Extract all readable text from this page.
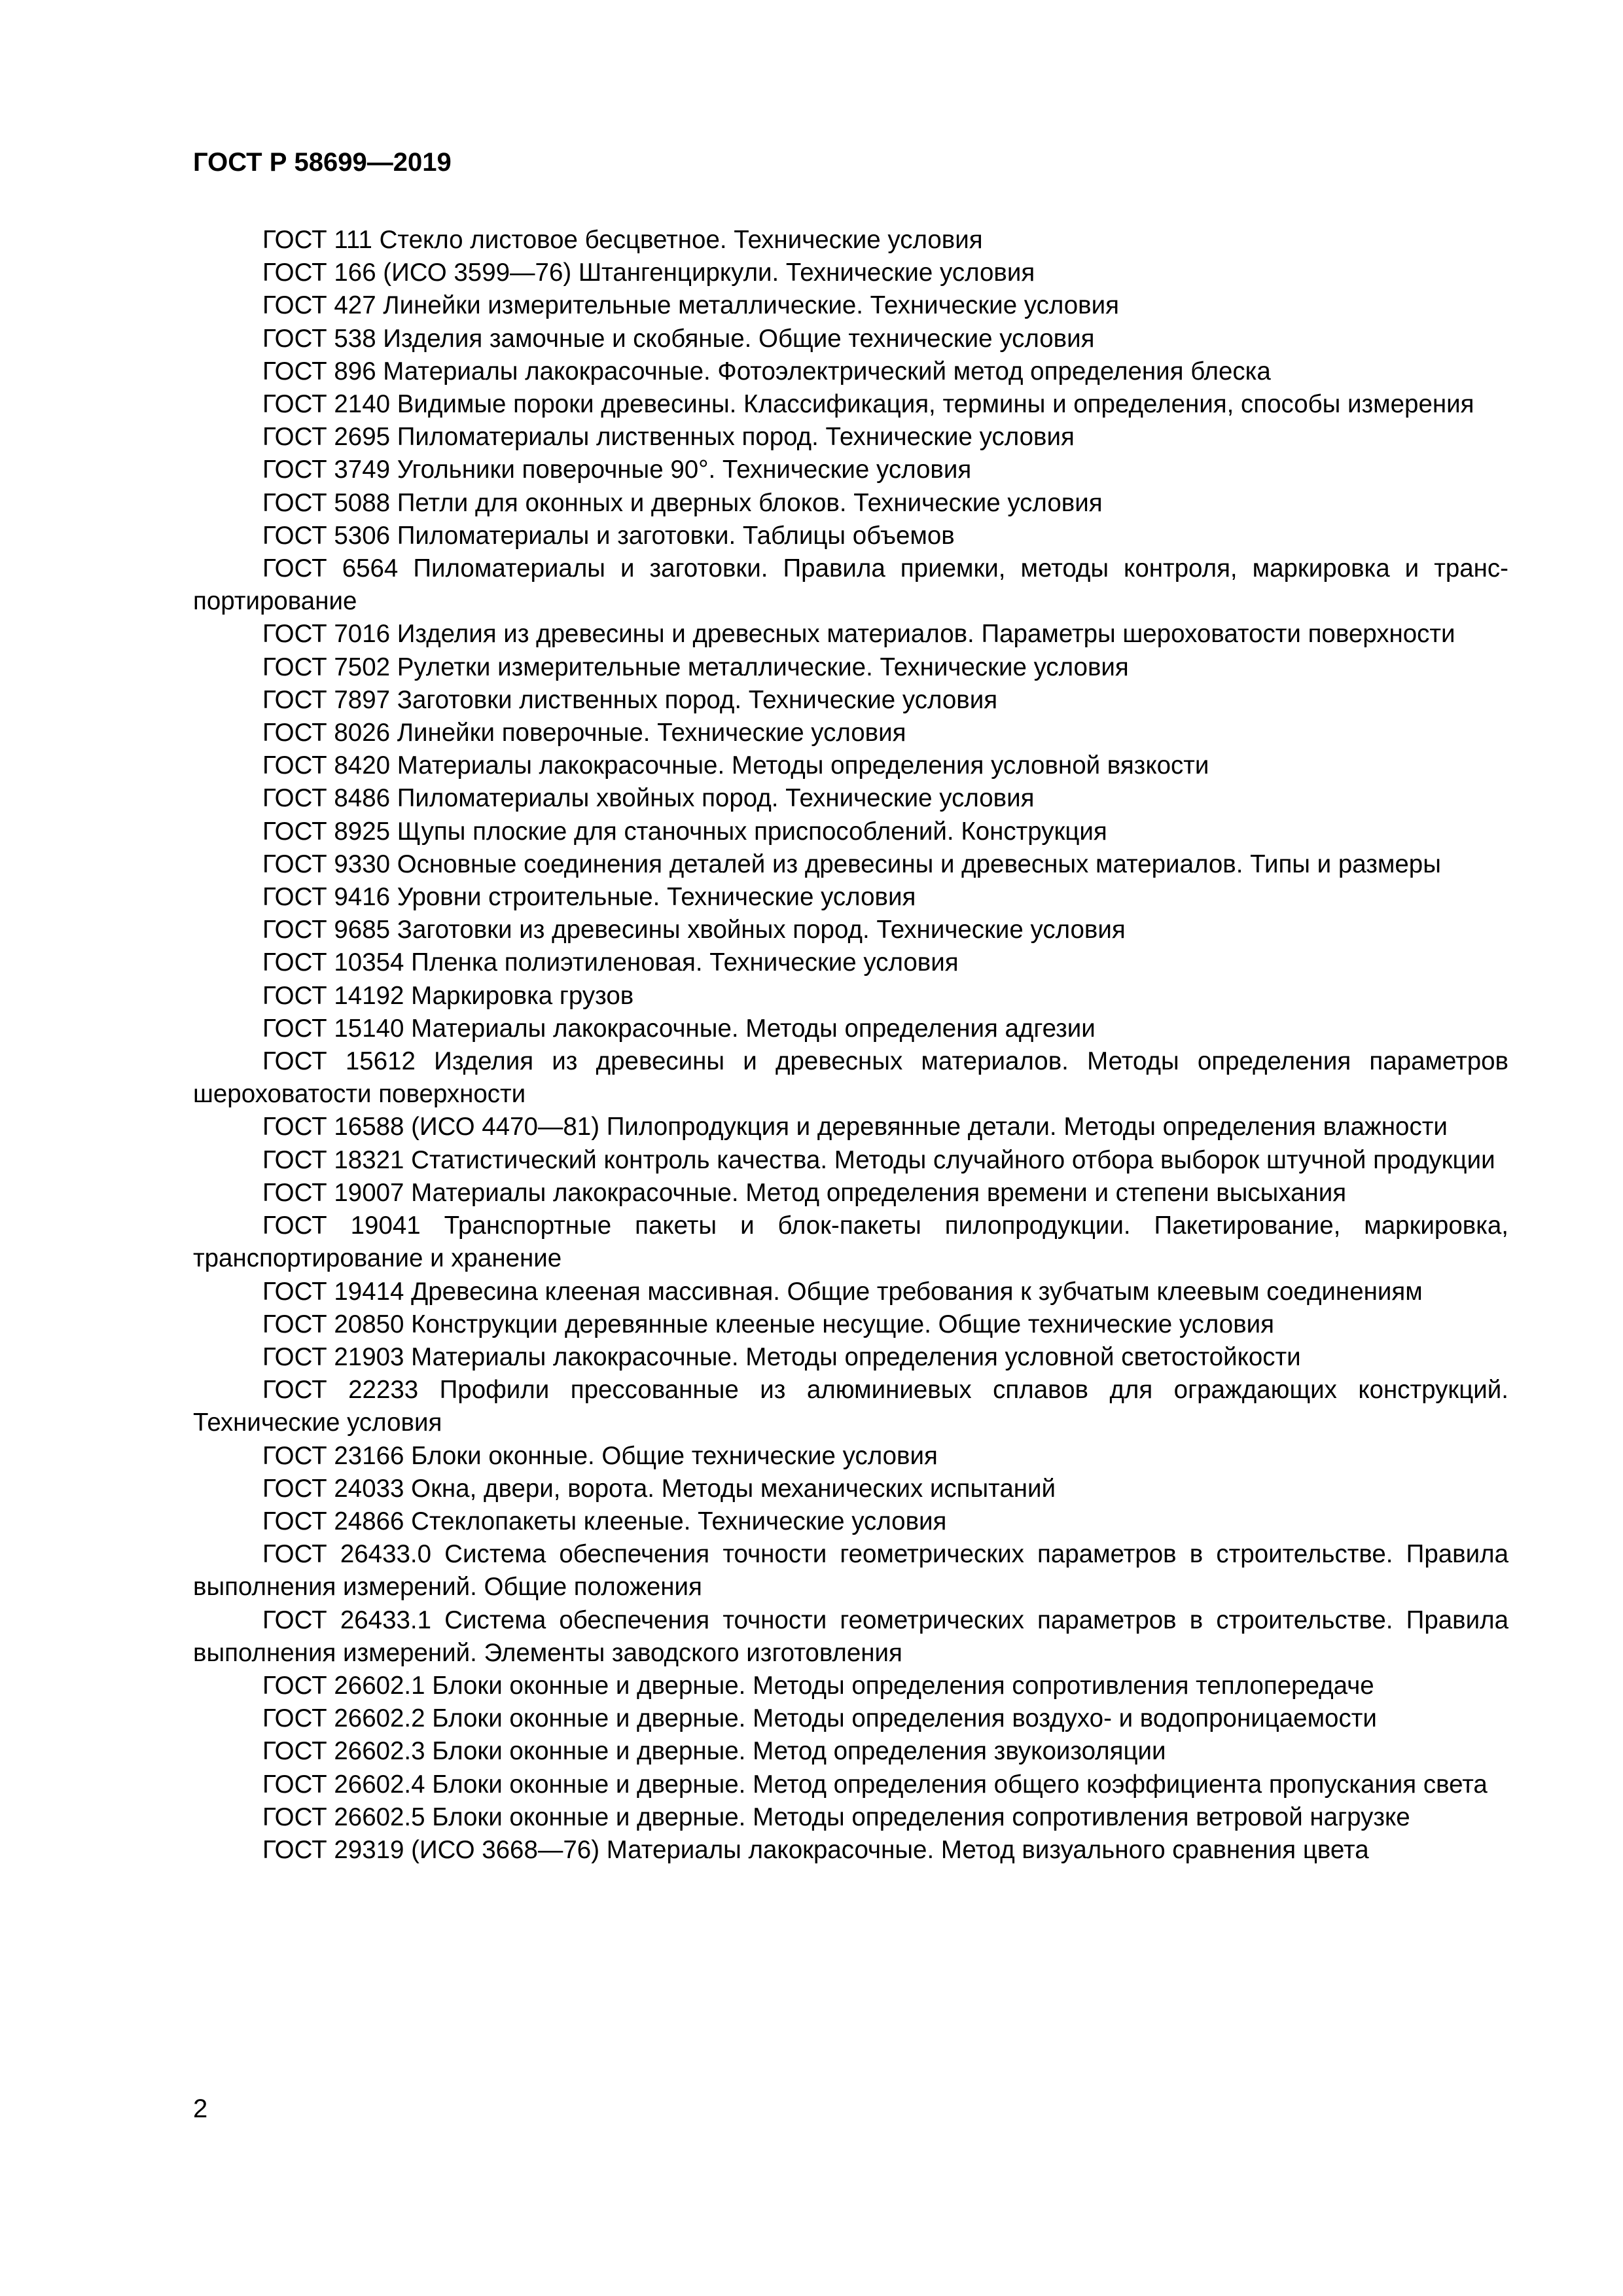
ГОСТ Р 58699—2019
ГОСТ 111 Стекло листовое бесцветное. Технические условия
ГОСТ 166 (ИСО 3599—76) Штангенциркули. Технические условия
ГОСТ 427 Линейки измерительные металлические. Технические условия
ГОСТ 538 Изделия замочные и скобяные. Общие технические условия
ГОСТ 896 Материалы лакокрасочные. Фотоэлектрический метод определения блеска
ГОСТ 2140 Видимые пороки древесины. Классификация, термины и определения, способы измерения
ГОСТ 2695 Пиломатериалы лиственных пород. Технические условия
ГОСТ 3749 Угольники поверочные 90°. Технические условия
ГОСТ 5088 Петли для оконных и дверных блоков. Технические условия
ГОСТ 5306 Пиломатериалы и заготовки. Таблицы объемов
ГОСТ 6564 Пиломатериалы и заготовки. Правила приемки, методы контроля, маркировка и транспортирование
ГОСТ 7016 Изделия из древесины и древесных материалов. Параметры шероховатости поверхности
ГОСТ 7502 Рулетки измерительные металлические. Технические условия
ГОСТ 7897 Заготовки лиственных пород. Технические условия
ГОСТ 8026 Линейки поверочные. Технические условия
ГОСТ 8420 Материалы лакокрасочные. Методы определения условной вязкости
ГОСТ 8486 Пиломатериалы хвойных пород. Технические условия
ГОСТ 8925 Щупы плоские для станочных приспособлений. Конструкция
ГОСТ 9330 Основные соединения деталей из древесины и древесных материалов. Типы и размеры
ГОСТ 9416 Уровни строительные. Технические условия
ГОСТ 9685 Заготовки из древесины хвойных пород. Технические условия
ГОСТ 10354 Пленка полиэтиленовая. Технические условия
ГОСТ 14192 Маркировка грузов
ГОСТ 15140 Материалы лакокрасочные. Методы определения адгезии
ГОСТ 15612 Изделия из древесины и древесных материалов. Методы определения параметров шероховатости поверхности
ГОСТ 16588 (ИСО 4470—81) Пилопродукция и деревянные детали. Методы определения влажности
ГОСТ 18321 Статистический контроль качества. Методы случайного отбора выборок штучной продукции
ГОСТ 19007 Материалы лакокрасочные. Метод определения времени и степени высыхания
ГОСТ 19041 Транспортные пакеты и блок-пакеты пилопродукции. Пакетирование, маркировка, транспортирование и хранение
ГОСТ 19414 Древесина клееная массивная. Общие требования к зубчатым клеевым соединениям
ГОСТ 20850 Конструкции деревянные клееные несущие. Общие технические условия
ГОСТ 21903 Материалы лакокрасочные. Методы определения условной светостойкости
ГОСТ 22233 Профили прессованные из алюминиевых сплавов для ограждающих конструкций. Технические условия
ГОСТ 23166 Блоки оконные. Общие технические условия
ГОСТ 24033 Окна, двери, ворота. Методы механических испытаний
ГОСТ 24866 Стеклопакеты клееные. Технические условия
ГОСТ 26433.0 Система обеспечения точности геометрических параметров в строительстве. Правила выполнения измерений. Общие положения
ГОСТ 26433.1 Система обеспечения точности геометрических параметров в строительстве. Правила выполнения измерений. Элементы заводского изготовления
ГОСТ 26602.1 Блоки оконные и дверные. Методы определения сопротивления теплопередаче
ГОСТ 26602.2 Блоки оконные и дверные. Методы определения воздухо- и водопроницаемости
ГОСТ 26602.3 Блоки оконные и дверные. Метод определения звукоизоляции
ГОСТ 26602.4 Блоки оконные и дверные. Метод определения общего коэффициента пропускания света
ГОСТ 26602.5 Блоки оконные и дверные. Методы определения сопротивления ветровой нагрузке
ГОСТ 29319 (ИСО 3668—76) Материалы лакокрасочные. Метод визуального сравнения цвета
2
